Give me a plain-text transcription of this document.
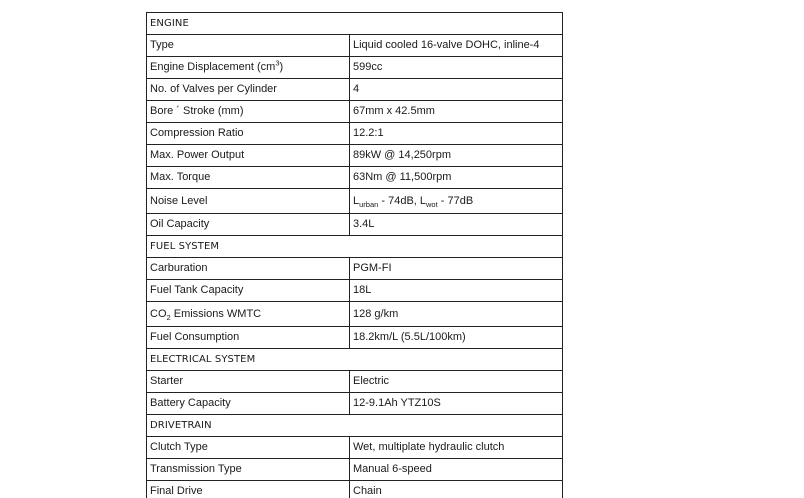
ENGINE	
Type	Liquid cooled 16-valve DOHC, inline-4
Engine Displacement $(cm^3)$	599cc
No. of Valves per Cylinder	4
Bore ´ Stroke (mm)	67mm x 42.5mm
Compression Ratio	12.2:1
Max. Power Output	89kW @ 14,250rpm
Max. Torque	63Nm @ 11,500rpm
Noise Level	$L_{urban} - 74dB$, $L_{wot} - 77dB$
Oil Capacity	3.4L
FUEL SYSTEM	
Carburation	PGM-FI
Fuel Tank Capacity	18L
$CO_2$ Emissions WMTC	128 g/km
Fuel Consumption	18.2km/L (5.5L/100km)
ELECTRICAL SYSTEM	
Starter	Electric
Battery Capacity	12-9.1Ah YTZ10S
DRIVETRAIN	
Clutch Type	Wet, multiplate hydraulic clutch
Transmission Type	Manual 6-speed
Final Drive	Chain
